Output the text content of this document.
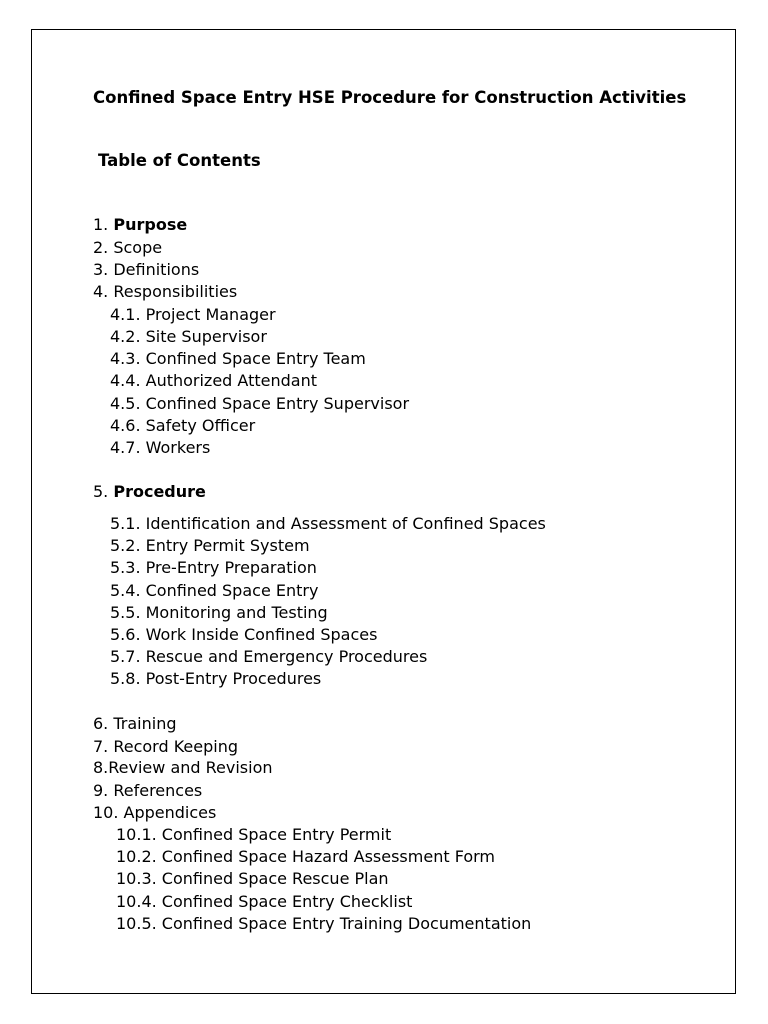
Confined Space Entry HSE Procedure for Construction Activities
Table of Contents
1. Purpose
2. Scope
3. Definitions
4. Responsibilities
4.1. Project Manager
4.2. Site Supervisor
4.3. Confined Space Entry Team
4.4. Authorized Attendant
4.5. Confined Space Entry Supervisor
4.6. Safety Officer
4.7. Workers
5. Procedure
5.1. Identification and Assessment of Confined Spaces
5.2. Entry Permit System
5.3. Pre-Entry Preparation
5.4. Confined Space Entry
5.5. Monitoring and Testing
5.6. Work Inside Confined Spaces
5.7. Rescue and Emergency Procedures
5.8. Post-Entry Procedures
6. Training
7. Record Keeping
8.Review and Revision
9. References
10. Appendices
10.1. Confined Space Entry Permit
10.2. Confined Space Hazard Assessment Form
10.3. Confined Space Rescue Plan
10.4. Confined Space Entry Checklist
10.5. Confined Space Entry Training Documentation
